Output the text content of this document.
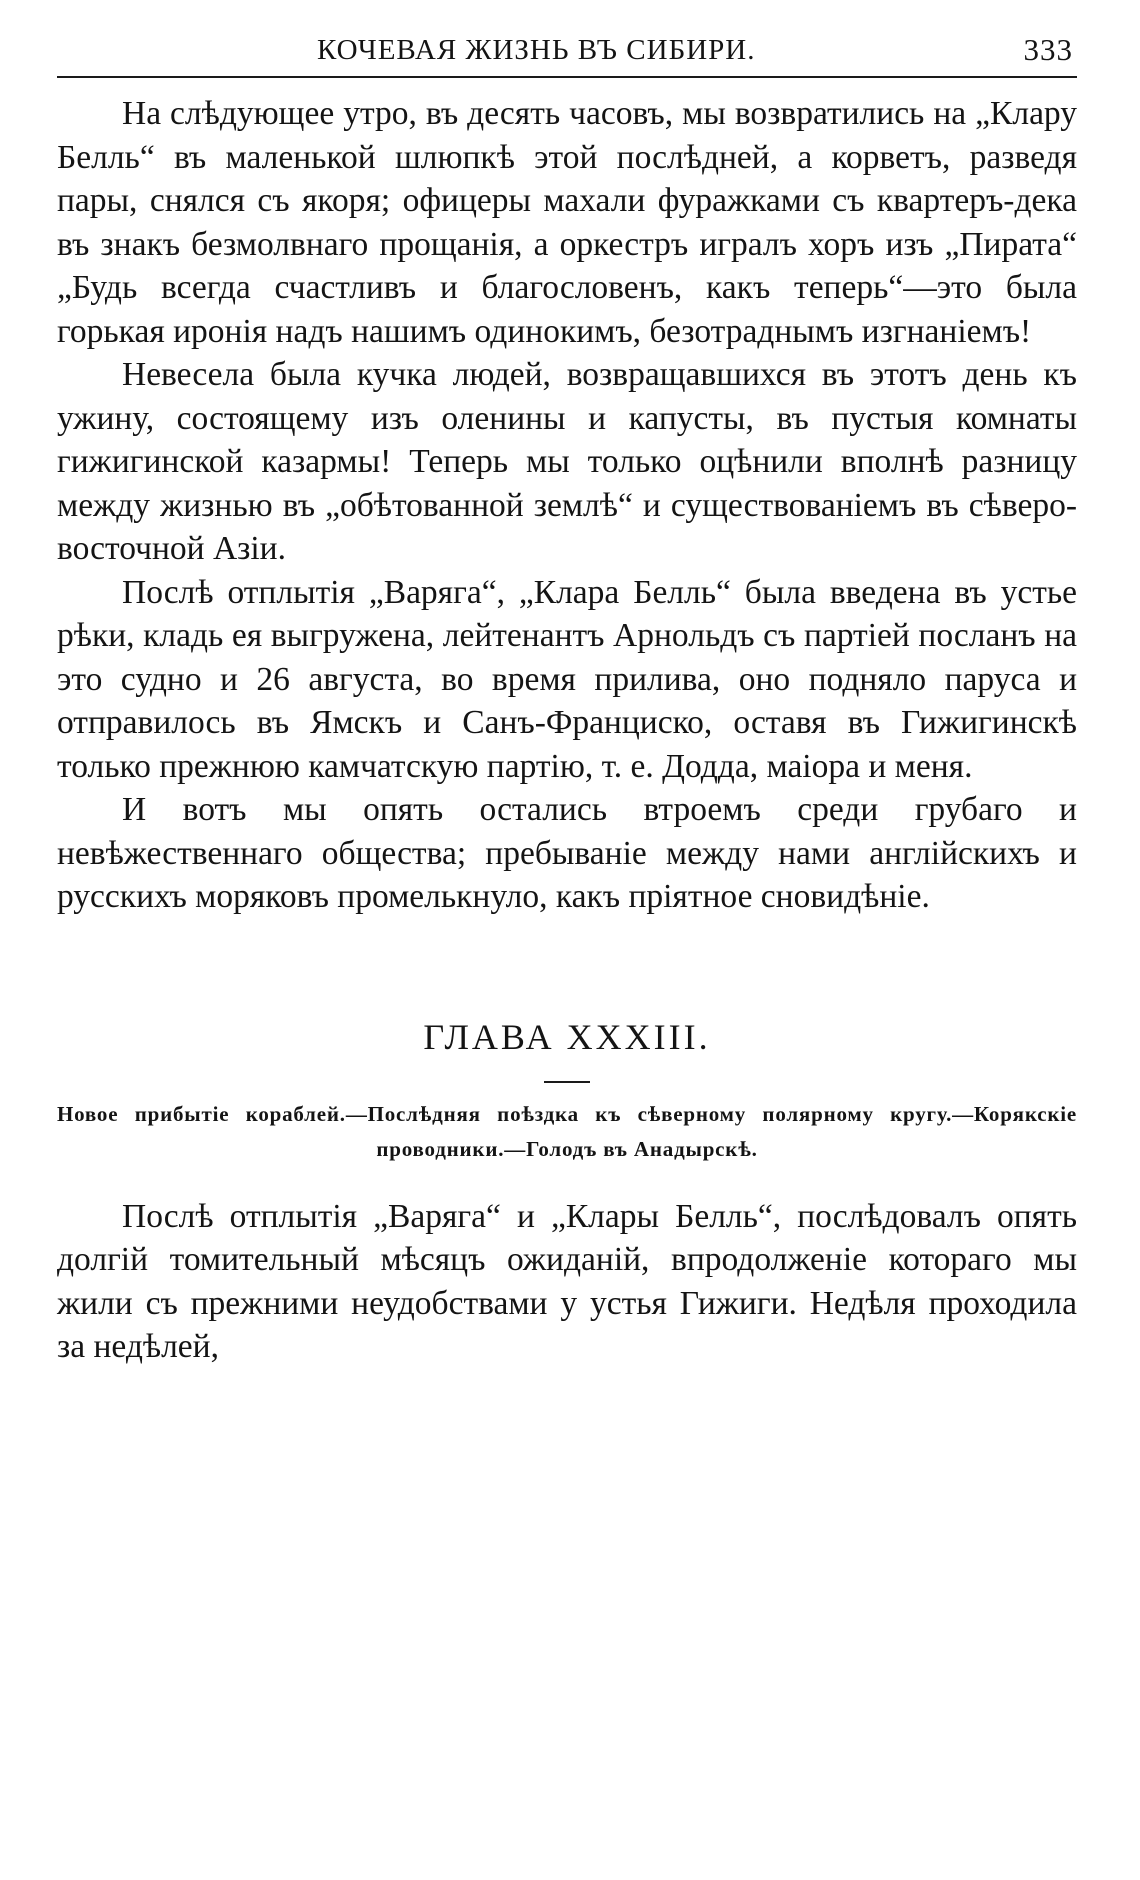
КОЧЕВАЯ ЖИЗНЬ ВЪ СИБИРИ.	333

На слѣдующее утро, въ десять часовъ, мы возвратились на „Клару Белль“ въ маленькой шлюпкѣ этой послѣдней, а корветъ, разведя пары, снялся съ якоря; офицеры махали фуражками съ квартеръ-дека въ знакъ безмолвнаго прощанія, а оркестръ игралъ хоръ изъ „Пирата“ „Будь всегда счастливъ и благословенъ, какъ теперь“—это была горькая иронія надъ нашимъ одинокимъ, безотраднымъ изгнаніемъ!

Невесела была кучка людей, возвращавшихся въ этотъ день къ ужину, состоящему изъ оленины и капусты, въ пустыя комнаты гижигинской казармы! Теперь мы только оцѣнили вполнѣ разницу между жизнью въ „обѣтованной землѣ“ и существованіемъ въ сѣверо-восточной Азіи.

Послѣ отплытія „Варяга“, „Клара Белль“ была введена въ устье рѣки, кладь ея выгружена, лейтенантъ Арнольдъ съ партіей посланъ на это судно и 26 августа, во время прилива, оно подняло паруса и отправилось въ Ямскъ и Санъ-Франциско, оставя въ Гижигинскѣ только прежнюю камчатскую партію, т. е. Додда, маіора и меня.

И вотъ мы опять остались втроемъ среди грубаго и невѣжественнаго общества; пребываніе между нами англійскихъ и русскихъ моряковъ промелькнуло, какъ пріятное сновидѣніе.

ГЛАВА XXXIII.
Новое прибытіе кораблей.—Послѣдняя поѣздка къ сѣверному полярному кругу.—Корякскіе проводники.—Голодъ въ Анадырскѣ.

Послѣ отплытія „Варяга“ и „Клары Белль“, послѣдовалъ опять долгій томительный мѣсяцъ ожиданій, впродолженіе котораго мы жили съ прежними неудобствами у устья Гижиги. Недѣля проходила за недѣлей,
